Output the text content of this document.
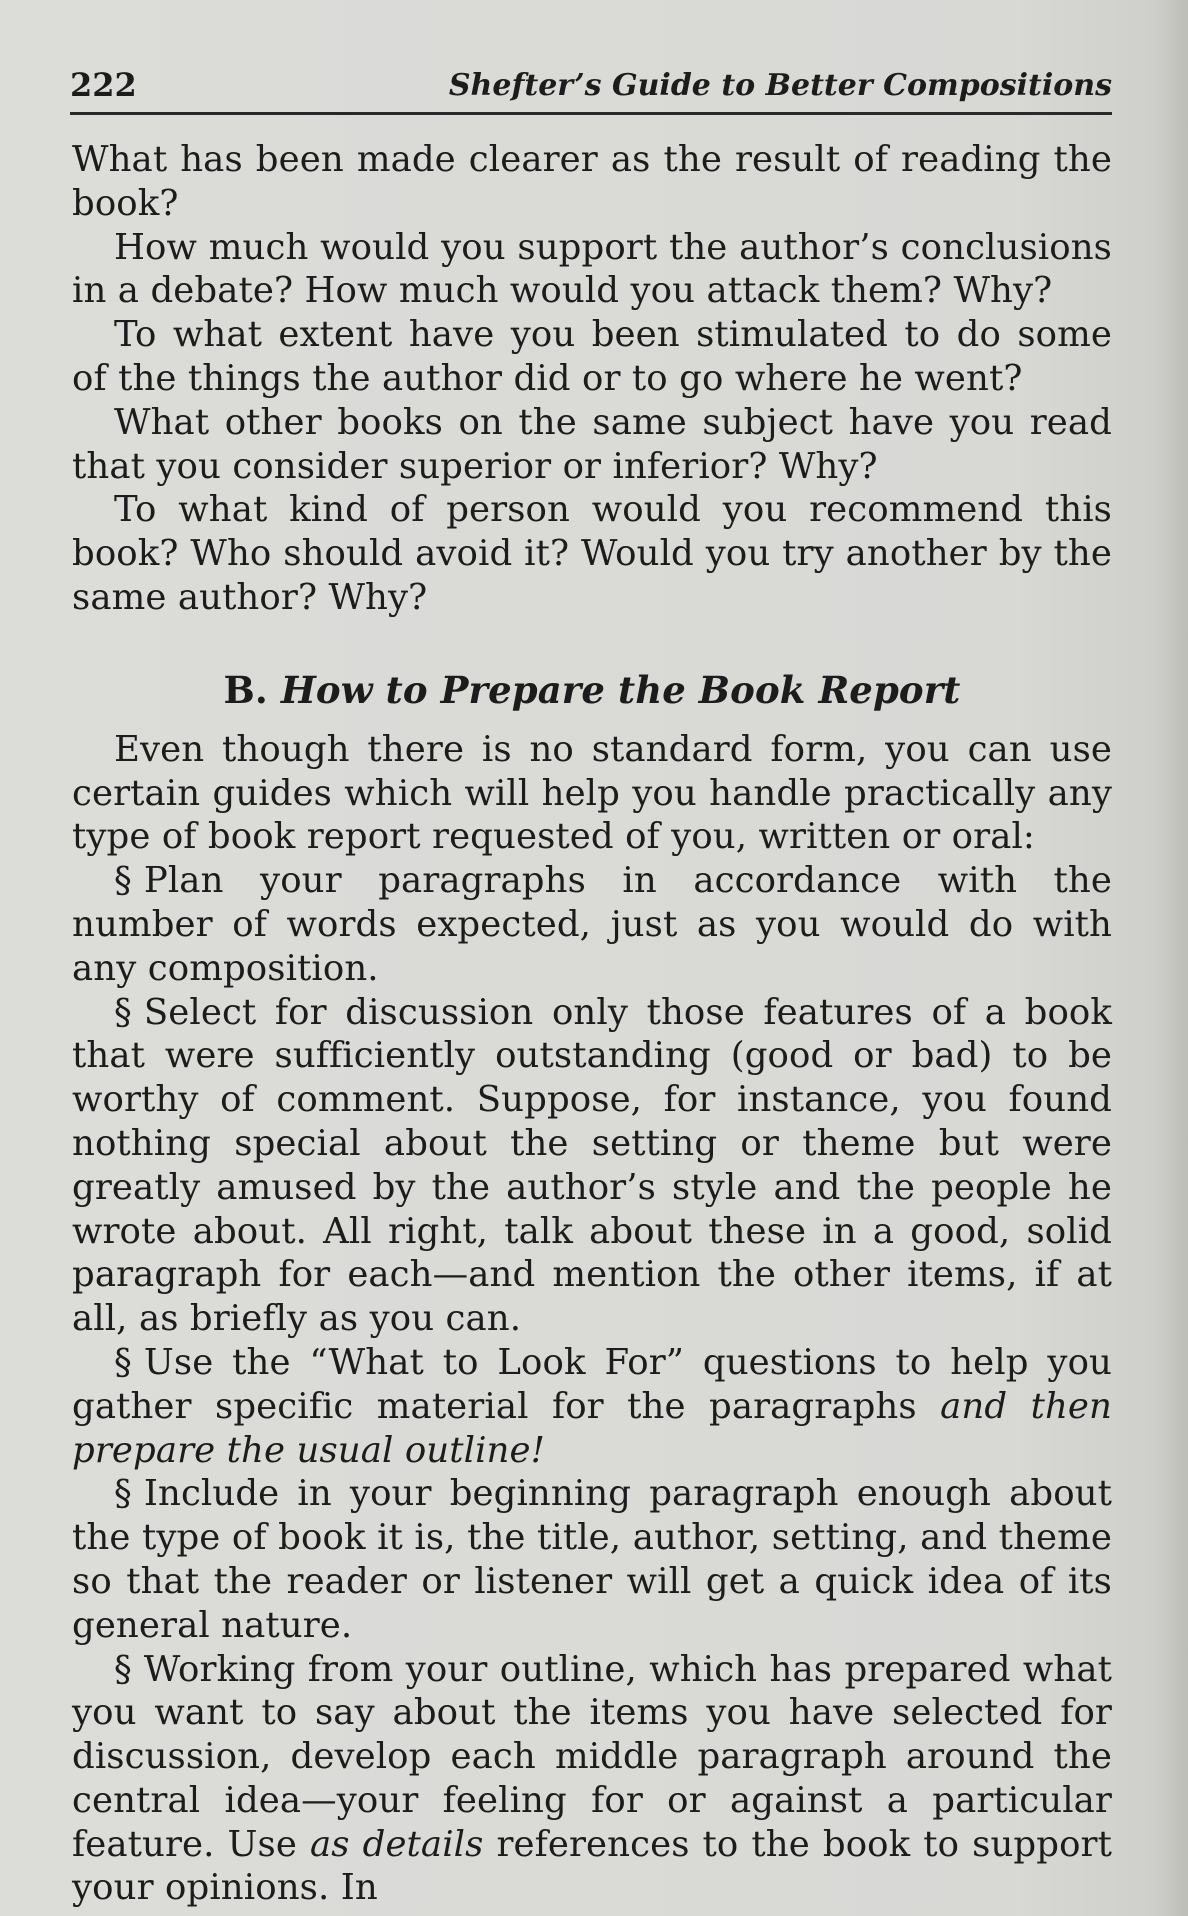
222	Shefter’s Guide to Better Compositions

What has been made clearer as the result of reading the book?

How much would you support the author’s conclusions in a debate? How much would you attack them? Why?

To what extent have you been stimulated to do some of the things the author did or to go where he went?

What other books on the same subject have you read that you consider superior or inferior? Why?

To what kind of person would you recommend this book? Who should avoid it? Would you try another by the same author? Why?

B. How to Prepare the Book Report

Even though there is no standard form, you can use certain guides which will help you handle practically any type of book report requested of you, written or oral:

§ Plan your paragraphs in accordance with the number of words expected, just as you would do with any composition.

§ Select for discussion only those features of a book that were sufficiently outstanding (good or bad) to be worthy of comment. Suppose, for instance, you found nothing special about the setting or theme but were greatly amused by the author’s style and the people he wrote about. All right, talk about these in a good, solid paragraph for each—and mention the other items, if at all, as briefly as you can.

§ Use the “What to Look For” questions to help you gather specific material for the paragraphs and then prepare the usual outline!

§ Include in your beginning paragraph enough about the type of book it is, the title, author, setting, and theme so that the reader or listener will get a quick idea of its general nature.

§ Working from your outline, which has prepared what you want to say about the items you have selected for discussion, develop each middle paragraph around the central idea—your feeling for or against a particular feature. Use as details references to the book to support your opinions. In
